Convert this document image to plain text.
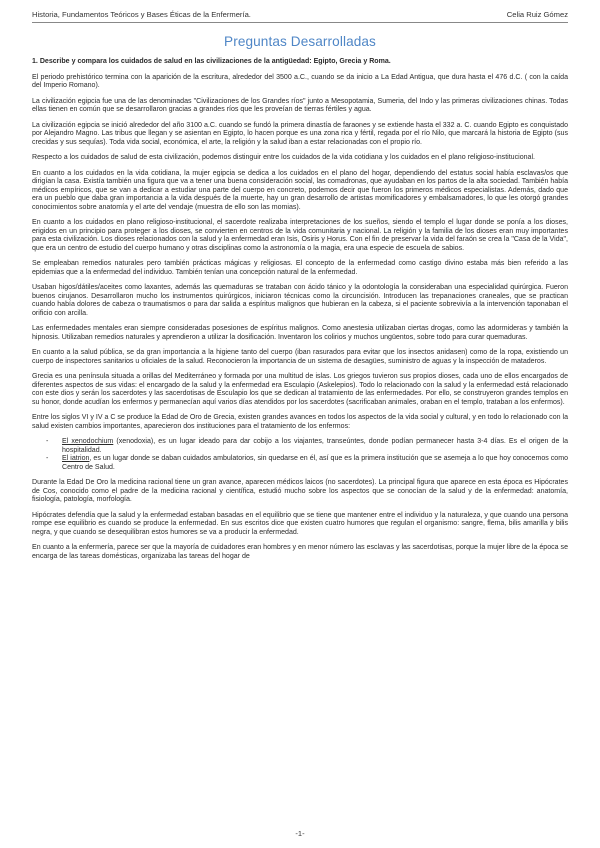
Historia, Fundamentos Teóricos y Bases Éticas de la Enfermería.	Celia Ruiz Gómez
Preguntas Desarrolladas

1. Describe y compara los cuidados de salud en las civilizaciones de la antigüedad: Egipto, Grecia y Roma.

El periodo prehistórico termina con la aparición de la escritura, alrededor del 3500 a.C., cuando se da inicio a La Edad Antigua, que dura hasta el 476 d.C. ( con la caída del Imperio Romano).

La civilización egipcia fue una de las denominadas "Civilizaciones de los Grandes ríos" junto a Mesopotamia, Sumeria, del Indo y las primeras civilizaciones chinas. Todas ellas tienen en común que se desarrollaron gracias a grandes ríos que les proveían de tierras fértiles y agua.

La civilización egipcia se inició alrededor del año 3100 a.C. cuando se fundó la primera dinastía de faraones y se extiende hasta el 332 a. C. cuando Egipto es conquistado por Alejandro Magno. Las tribus que llegan y se asientan en Egipto, lo hacen porque es una zona rica y fértil, regada por el río Nilo, que marcará la historia de Egipto (sus crecidas y sus sequías). Toda vida social, económica, el arte, la religión y la salud iban a estar relacionadas con el propio río.

Respecto a los cuidados de salud de esta civilización, podemos distinguir entre los cuidados de la vida cotidiana y los cuidados en el plano religioso-institucional.

En cuanto a los cuidados en la vida cotidiana, la mujer egipcia se dedica a los cuidados en el plano del hogar, dependiendo del estatus social había esclavas/os que dirigían la casa. Existía también una figura que va a tener una buena consideración social, las comadronas, que ayudaban en los partos de la alta sociedad. También había médicos empíricos, que se van a dedicar a estudiar una parte del cuerpo en concreto, podemos decir que fueron los primeros médicos especialistas. Además, dado que era un pueblo que daba gran importancia a la vida después de la muerte, hay un gran desarrollo de artistas momificadores y embalsamadores, lo que les otorgó grandes conocimientos sobre anatomía y el arte del vendaje (muestra de ello son las momias).

En cuanto a los cuidados en plano religioso-institucional, el sacerdote realizaba interpretaciones de los sueños, siendo el templo el lugar donde se ponía a los dioses, erigidos en un principio para proteger a los dioses, se convierten en centros de la vida comunitaria y nacional. La religión y la familia de los dioses eran muy importantes para esta civilización. Los dioses relacionados con la salud y la enfermedad eran Isis, Osiris y Horus. Con el fin de preservar la vida del faraón se crea la "Casa de la Vida", que era un centro de estudio del cuerpo humano y otras disciplinas como la astronomía o la magia, era una especie de escuela de sabios.

Se empleaban remedios naturales pero también prácticas mágicas y religiosas. El concepto de la enfermedad como castigo divino estaba más bien referido a las epidemias que a la enfermedad del individuo. También tenían una concepción natural de la enfermedad.

Usaban higos/dátiles/aceites como laxantes, además las quemaduras se trataban con ácido tánico y la odontología la consideraban una especialidad quirúrgica. Fueron buenos cirujanos. Desarrollaron mucho los instrumentos quirúrgicos, iniciaron técnicas como la circuncisión. Introducen las trepanaciones craneales, que se practican cuando había dolores de cabeza o traumatismos o para dar salida a espíritus malignos que hubieran en la cabeza, si el paciente sobrevivía a la intervención taponaban el orificio con arcilla.

Las enfermedades mentales eran siempre consideradas posesiones de espíritus malignos. Como anestesia utilizaban ciertas drogas, como las adormideras y también la hipnosis. Utilizaban remedios naturales y aprendieron a utilizar la dosificación. Inventaron los colirios y muchos ungüentos, sobre todo para curar quemaduras.

En cuanto a la salud pública, se da gran importancia a la higiene tanto del cuerpo (iban rasurados para evitar que los insectos anidasen) como de la ropa, existiendo un cuerpo de inspectores sanitarios u oficiales de la salud. Reconocieron la importancia de un sistema de desagües, suministro de aguas y la inspección de mataderos.

Grecia es una península situada a orillas del Mediterráneo y formada por una multitud de islas. Los griegos tuvieron sus propios dioses, cada uno de ellos encargados de diferentes aspectos de sus vidas: el encargado de la salud y la enfermedad era Esculapio (Askelepios). Todo lo relacionado con la salud y la enfermedad está relacionado con este dios y serán los sacerdotes y las sacerdotisas de Esculapio los que se dedican al tratamiento de las enfermedades. Por ello, se construyeron grandes templos en su honor, donde acudían los enfermos y permanecían aquí varios días atendidos por los sacerdotes (sacrificaban animales, oraban en el templo, trataban a los enfermos).

Entre los siglos VI y IV a C se produce la Edad de Oro de Grecia, existen grandes avances en todos los aspectos de la vida social y cultural, y en todo lo relacionado con la salud existen cambios importantes, aparecieron dos instituciones para el tratamiento de los enfermos:

- El xenodochium (xenodoxia), es un lugar ideado para dar cobijo a los viajantes, transeúntes, donde podían permanecer hasta 3-4 días. Es el origen de la hospitalidad.
- El iatrion, es un lugar donde se daban cuidados ambulatorios, sin quedarse en él, así que es la primera institución que se asemeja a lo que hoy conocemos como Centro de Salud.

Durante la Edad De Oro la medicina racional tiene un gran avance, aparecen médicos laicos (no sacerdotes). La principal figura que aparece en esta época es Hipócrates de Cos, conocido como el padre de la medicina racional y científica, estudió mucho sobre los aspectos que se conocían de la salud y de la enfermedad: anatomía, fisiología, patología, morfología.

Hipócrates defendía que la salud y la enfermedad estaban basadas en el equilibrio que se tiene que mantener entre el individuo y la naturaleza, y que cuando una persona rompe ese equilibrio es cuando se produce la enfermedad. En sus escritos dice que existen cuatro humores que regulan el organismo: sangre, flema, bilis amarilla y bilis negra, y que cuando se desequilibran estos humores se va a producir la enfermedad.

En cuanto a la enfermería, parece ser que la mayoría de cuidadores eran hombres y en menor número las esclavas y las sacerdotisas, porque la mujer libre de la época se encarga de las tareas domésticas, organizaba las tareas del hogar de

-1-
